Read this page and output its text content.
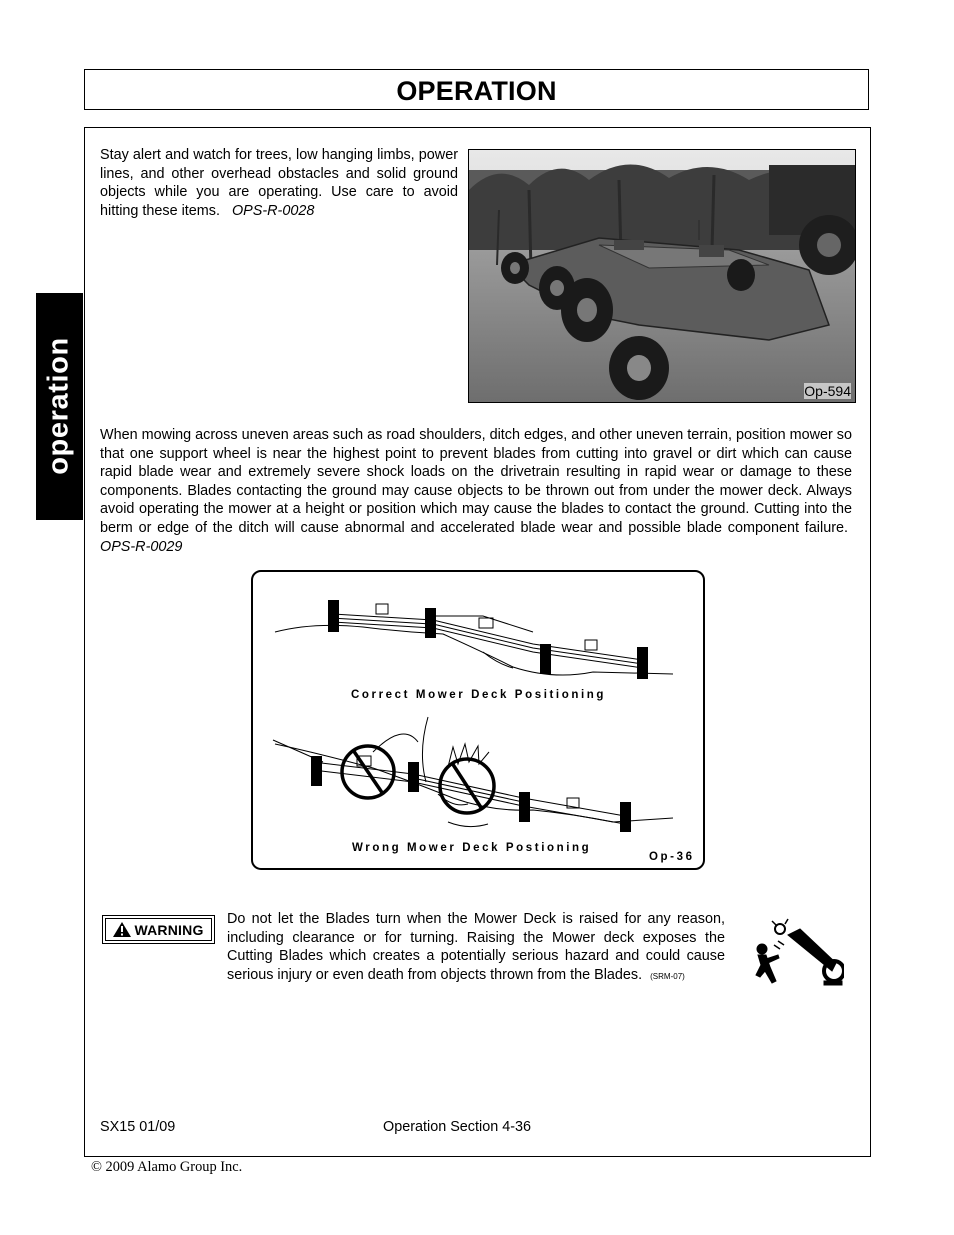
OPERATION
operation

Stay alert and watch for trees, low hanging limbs, power lines, and other overhead obstacles and solid ground objects while you are operating. Use care to avoid hitting these items. OPS-R-0028

Op-594

When mowing across uneven areas such as road shoulders, ditch edges, and other uneven terrain, position mower so that one support wheel is near the highest point to prevent blades from cutting into gravel or dirt which can cause rapid blade wear and extremely severe shock loads on the drivetrain resulting in rapid wear or damage to these components. Blades contacting the ground may cause objects to be thrown out from under the mower deck. Always avoid operating the mower at a height or position which may cause the blades to contact the ground. Cutting into the berm or edge of the ditch will cause abnormal and accelerated blade wear and possible blade component failure.  OPS-R-0029

Correct Mower Deck Positioning
Wrong Mower Deck Postioning
Op-36
WARNING

Do not let the Blades turn when the Mower Deck is raised for any reason, including clearance or for turning. Raising the Mower deck exposes the Cutting Blades which creates a potentially serious hazard and could cause serious injury or even death from objects thrown from the Blades. (SRM-07)

SX15 01/09	Operation Section 4-36
© 2009 Alamo Group Inc.
